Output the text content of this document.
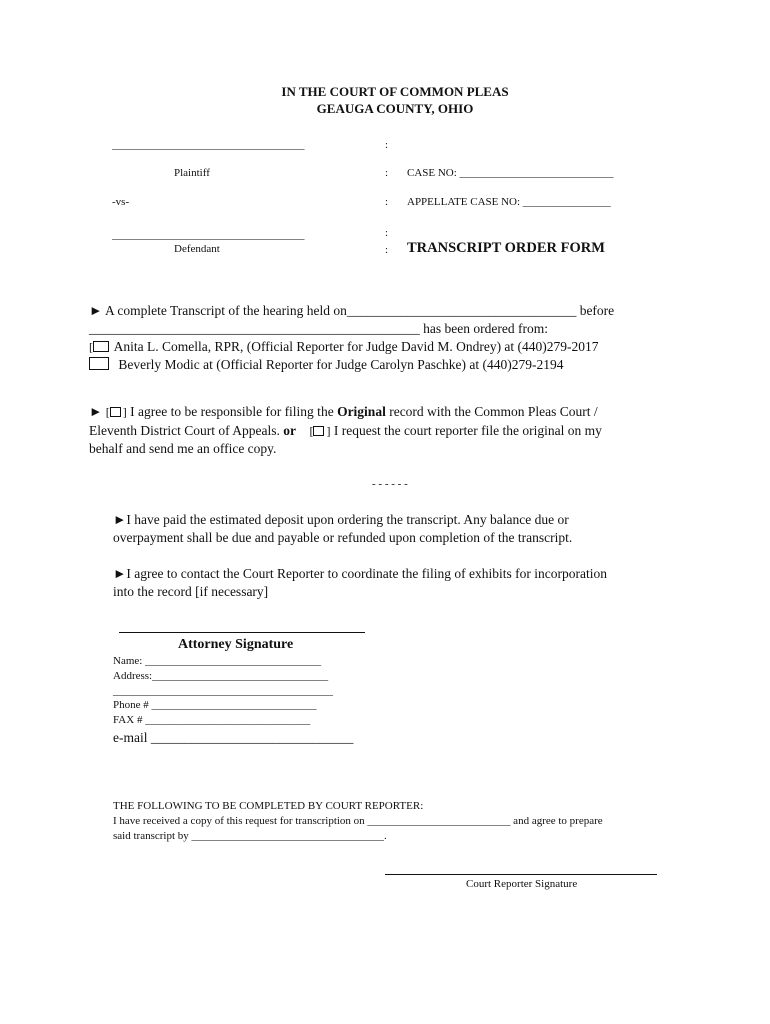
IN THE COURT OF COMMON PLEAS
GEAUGA COUNTY, OHIO
___________________________________
Plaintiff
-vs-
___________________________________
Defendant
:
:
:
:
:
CASE NO: ____________________________
APPELLATE CASE NO: ________________
TRANSCRIPT ORDER FORM
► A complete Transcript of the hearing held on__________________________________ before
_________________________________________________ has been ordered from:
[ Anita L. Comella, RPR, (Official Reporter for Judge David M. Ondrey) at (440)279-2017
Beverly Modic at (Official Reporter for Judge Carolyn Paschke) at (440)279-2194
► [ ] I agree to be responsible for filing the Original record with the Common Pleas Court /
Eleventh District Court of Appeals. or [ ] I request the court reporter file the original on my
behalf and send me an office copy.
- - - - - -
►I have paid the estimated deposit upon ordering the transcript. Any balance due or
overpayment shall be due and payable or refunded upon completion of the transcript.
►I agree to contact the Court Reporter to coordinate the filing of exhibits for incorporation
into the record [if necessary]
Attorney Signature
Name: ________________________________
Address:________________________________
________________________________________
Phone # ______________________________
FAX # ______________________________
e-mail ______________________________
THE FOLLOWING TO BE COMPLETED BY COURT REPORTER:
I have received a copy of this request for transcription on __________________________ and agree to prepare
said transcript by ___________________________________.
Court Reporter Signature
